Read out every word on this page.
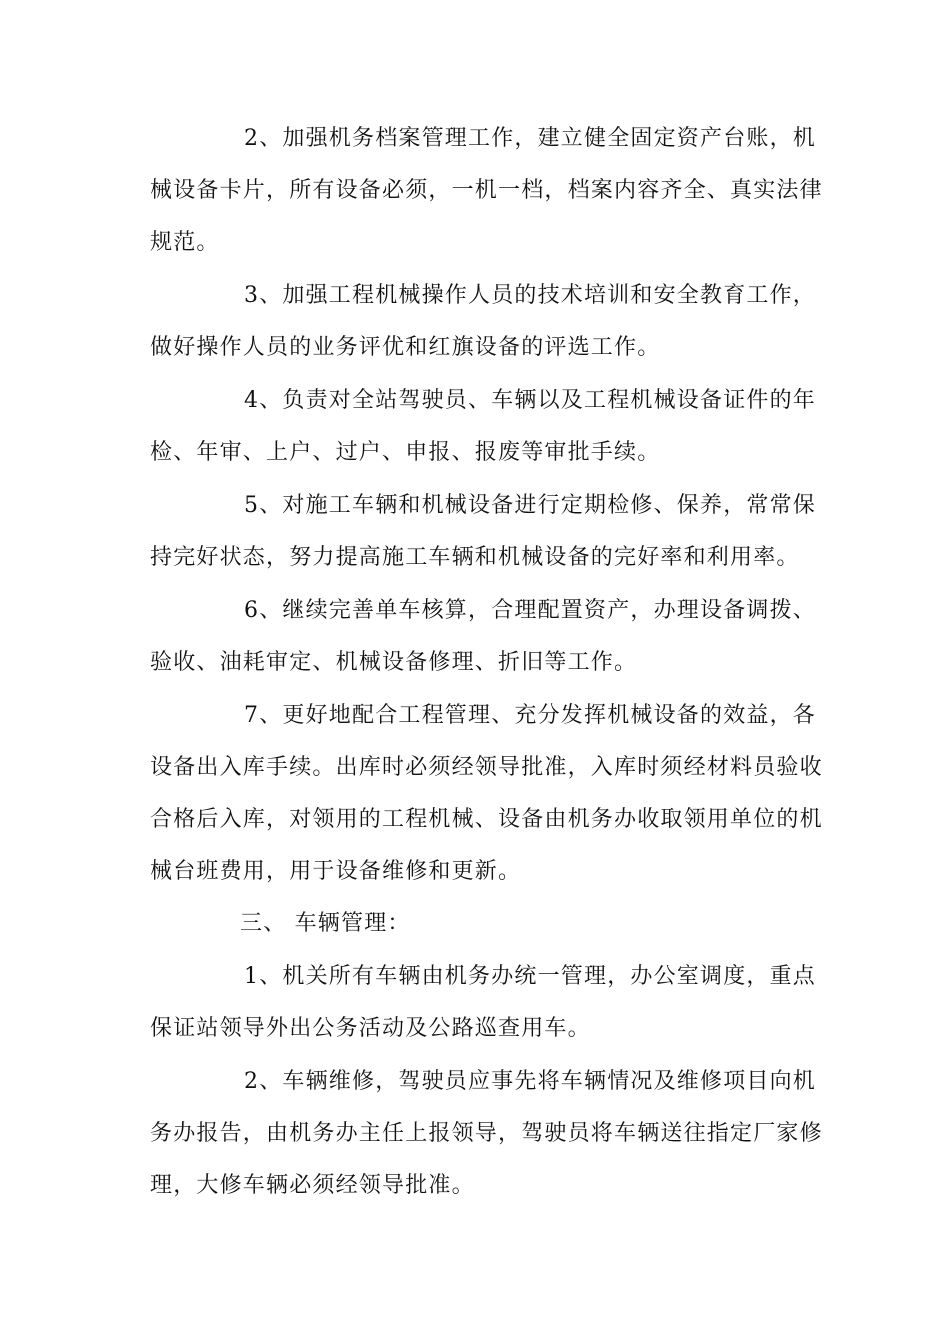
2、加强机务档案管理工作，建立健全固定资产台账，机
械设备卡片，所有设备必须，一机一档，档案内容齐全、真实法律
规范。
3、加强工程机械操作人员的技术培训和安全教育工作，
做好操作人员的业务评优和红旗设备的评选工作。
4、负责对全站驾驶员、车辆以及工程机械设备证件的年
检、年审、上户、过户、申报、报废等审批手续。
5、对施工车辆和机械设备进行定期检修、保养，常常保
持完好状态，努力提高施工车辆和机械设备的完好率和利用率。
6、继续完善单车核算，合理配置资产，办理设备调拨、
验收、油耗审定、机械设备修理、折旧等工作。
7、更好地配合工程管理、充分发挥机械设备的效益，各
设备出入库手续。出库时必须经领导批准，入库时须经材料员验收
合格后入库，对领用的工程机械、设备由机务办收取领用单位的机
械台班费用，用于设备维修和更新。
三、 车辆管理：
1、机关所有车辆由机务办统一管理，办公室调度，重点
保证站领导外出公务活动及公路巡查用车。
2、车辆维修，驾驶员应事先将车辆情况及维修项目向机
务办报告，由机务办主任上报领导，驾驶员将车辆送往指定厂家修
理，大修车辆必须经领导批准。
